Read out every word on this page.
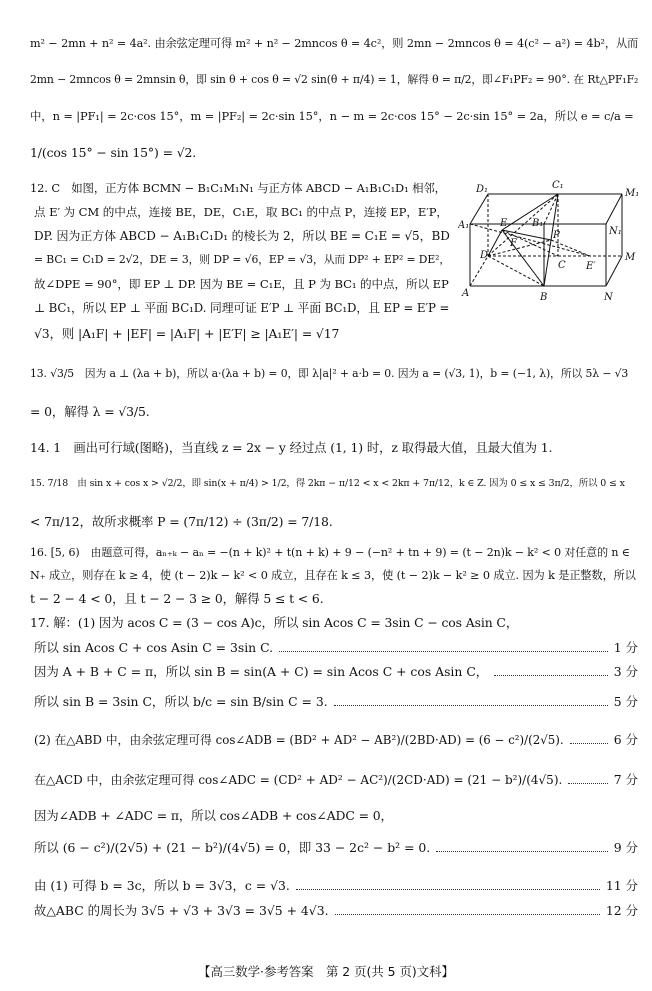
m² − 2mn + n² = 4a². 由余弦定理可得 m² + n² − 2mncos θ = 4c²，则 2mn − 2mncos θ = 4(c² − a²) = 4b²，从而
2mn − 2mncos θ = 2mnsin θ，即 sin θ + cos θ = √2 sin(θ + π/4) = 1，解得 θ = π/2，即∠F₁PF₂ = 90°. 在 Rt△PF₁F₂
中，n = |PF₁| = 2c·cos 15°，m = |PF₂| = 2c·sin 15°，n − m = 2c·cos 15° − 2c·sin 15° = 2a，所以 e = c/a =
1/(cos 15° − sin 15°) = √2.
12. C　如图，正方体 BCMN − B₁C₁M₁N₁ 与正方体 ABCD − A₁B₁C₁D₁ 相邻，
点 E′ 为 CM 的中点，连接 BE，DE，C₁E，取 BC₁ 的中点 P，连接 EP，E′P，
DP. 因为正方体 ABCD − A₁B₁C₁D₁ 的棱长为 2，所以 BE = C₁E = √5，BD
= BC₁ = C₁D = 2√2，DE = 3，则 DP = √6，EP = √3，从而 DP² + EP² = DE²，
故∠DPE = 90°，即 EP ⊥ DP. 因为 BE = C₁E，且 P 为 BC₁ 的中点，所以 EP
⊥ BC₁，所以 EP ⊥ 平面 BC₁D. 同理可证 E′P ⊥ 平面 BC₁D，且 EP = E′P =
√3，则 |A₁F| + |EF| = |A₁F| + |E′F| ≥ |A₁E′| = √17
D₁	C₁
M₁
A₁	E B₁
N₁
D
F
P
C E′
M
A	B	N
13. √3/5　因为 a ⊥ (λa + b)，所以 a·(λa + b) = 0，即 λ|a|² + a·b = 0. 因为 a = (√3, 1)，b = (−1, λ)，所以 5λ − √3
= 0，解得 λ = √3/5.
14. 1　画出可行域(图略)，当直线 z = 2x − y 经过点 (1, 1) 时，z 取得最大值，且最大值为 1.
15. 7/18　由 sin x + cos x > √2/2，即 sin(x + π/4) > 1/2，得 2kπ − π/12 < x < 2kπ + 7π/12，k ∈ Z. 因为 0 ≤ x ≤ 3π/2，所以 0 ≤ x
< 7π/12，故所求概率 P = (7π/12) ÷ (3π/2) = 7/18.
16. [5, 6)　由题意可得，aₙ₊ₖ − aₙ = −(n + k)² + t(n + k) + 9 − (−n² + tn + 9) = (t − 2n)k − k² < 0 对任意的 n ∈
N₊ 成立，则存在 k ≥ 4，使 (t − 2)k − k² < 0 成立，且存在 k ≤ 3，使 (t − 2)k − k² ≥ 0 成立. 因为 k 是正整数，所以
t − 2 − 4 < 0，且 t − 2 − 3 ≥ 0，解得 5 ≤ t < 6.
17. 解：(1) 因为 acos C = (3 − cos A)c，所以 sin Acos C = 3sin C − cos Asin C，
所以 sin Acos C + cos Asin C = 3sin C.	1 分
因为 A + B + C = π，所以 sin B = sin(A + C) = sin Acos C + cos Asin C，	3 分
所以 sin B = 3sin C，所以 b/c = sin B/sin C = 3.	5 分
(2) 在△ABD 中，由余弦定理可得 cos∠ADB = (BD² + AD² − AB²)/(2BD·AD) = (6 − c²)/(2√5).	6 分
在△ACD 中，由余弦定理可得 cos∠ADC = (CD² + AD² − AC²)/(2CD·AD) = (21 − b²)/(4√5).	7 分
因为∠ADB + ∠ADC = π，所以 cos∠ADB + cos∠ADC = 0，
所以 (6 − c²)/(2√5) + (21 − b²)/(4√5) = 0，即 33 − 2c² − b² = 0.	9 分
由 (1) 可得 b = 3c，所以 b = 3√3，c = √3.	11 分
故△ABC 的周长为 3√5 + √3 + 3√3 = 3√5 + 4√3.	12 分
【高三数学·参考答案　第 2 页(共 5 页)文科】
